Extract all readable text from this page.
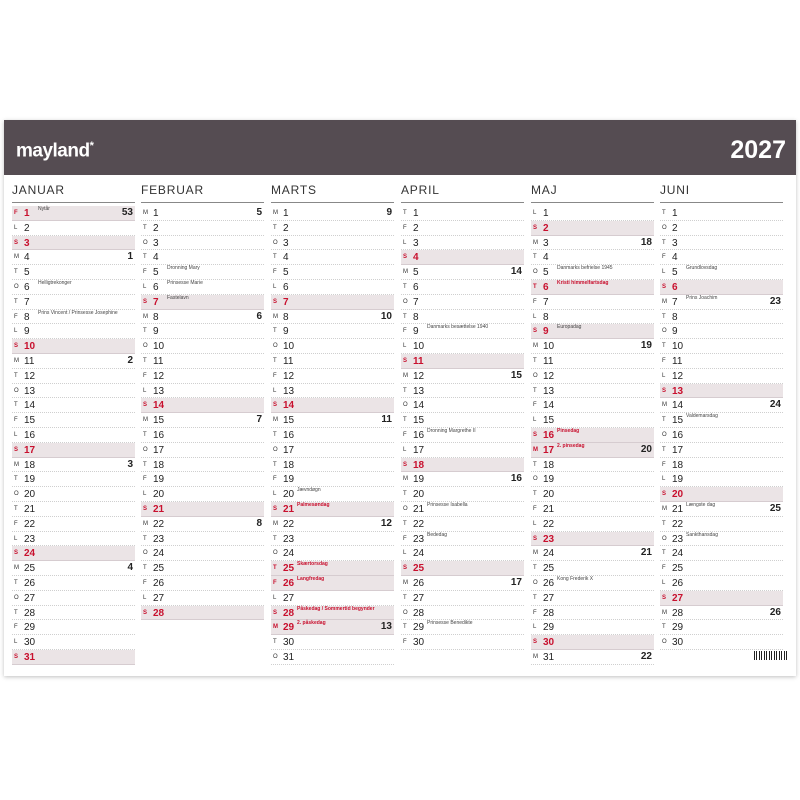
mayland*	2027
JANUAR
F 1 Nytår	53
L 2
S 3
M 4	1
T 5
O 6 Helligtrekonger
T 7
F 8 Prins Vincent / Prinsesse Josephine
L 9
S 10
M 11	2
T 12
O 13
T 14
F 15
L 16
S 17
M 18	3
T 19
O 20
T 21
F 22
L 23
S 24
M 25	4
T 26
O 27
T 28
F 29
L 30
S 31
FEBRUAR
M 1	5
T 2
O 3
T 4
F 5 Dronning Mary
L 6 Prinsesse Marie
S 7 Fastelavn
M 8	6
T 9
O 10
T 11
F 12
L 13
S 14
M 15	7
T 16
O 17
T 18
F 19
L 20
S 21
M 22	8
T 23
O 24
T 25
F 26
L 27
S 28
MARTS
M 1	9
T 2
O 3
T 4
F 5
L 6
S 7
M 8	10
T 9
O 10
T 11
F 12
L 13
S 14
M 15	11
T 16
O 17
T 18
F 19
L 20 Jævndøgn
S 21 Palmesøndag
M 22	12
T 23
O 24
T 25 Skærtorsdag
F 26 Langfredag
L 27
S 28 Påskedag / Sommertid begynder
M 29 2. påskedag	13
T 30
O 31
APRIL
T 1
F 2
L 3
S 4
M 5	14
T 6
O 7
T 8
F 9 Danmarks besættelse 1940
L 10
S 11
M 12	15
T 13
O 14
T 15
F 16 Dronning Margrethe II
L 17
S 18
M 19	16
T 20
O 21 Prinsesse Isabella
T 22
F 23 Bededag
L 24
S 25
M 26	17
T 27
O 28
T 29 Prinsesse Benedikte
F 30
MAJ
L 1
S 2
M 3	18
T 4
O 5 Danmarks befrielse 1945
T 6 Kristi himmelfartsdag
F 7
L 8
S 9 Europadag
M 10	19
T 11
O 12
T 13
F 14
L 15
S 16 Pinsedag
M 17 2. pinsedag	20
T 18
O 19
T 20
F 21
L 22
S 23
M 24	21
T 25
O 26 Kong Frederik X
T 27
F 28
L 29
S 30
M 31	22
JUNI
T 1
O 2
T 3
F 4
L 5 Grundlovsdag
S 6
M 7 Prins Joachim	23
T 8
O 9
T 10
F 11
L 12
S 13
M 14	24
T 15 Valdemarsdag
O 16
T 17
F 18
L 19
S 20
M 21 Længste dag	25
T 22
O 23 Sankthansdag
T 24
F 25
L 26
S 27
M 28	26
T 29
O 30
